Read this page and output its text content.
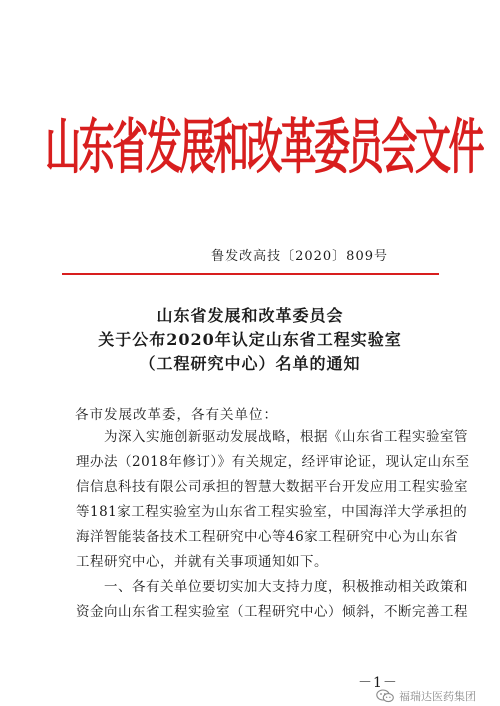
山东省发展和改革委员会文件
鲁发改高技〔2020〕809号
山东省发展和改革委员会
关于公布2020年认定山东省工程实验室
（工程研究中心）名单的通知
各市发展改革委，各有关单位：
为深入实施创新驱动发展战略，根据《山东省工程实验室管
理办法（2018年修订）》有关规定，经评审论证，现认定山东至
信信息科技有限公司承担的智慧大数据平台开发应用工程实验室
等181家工程实验室为山东省工程实验室，中国海洋大学承担的
海洋智能装备技术工程研究中心等46家工程研究中心为山东省
工程研究中心，并就有关事项通知如下。
一、各有关单位要切实加大支持力度，积极推动相关政策和
资金向山东省工程实验室（工程研究中心）倾斜，不断完善工程
－1－
福瑞达医药集团
